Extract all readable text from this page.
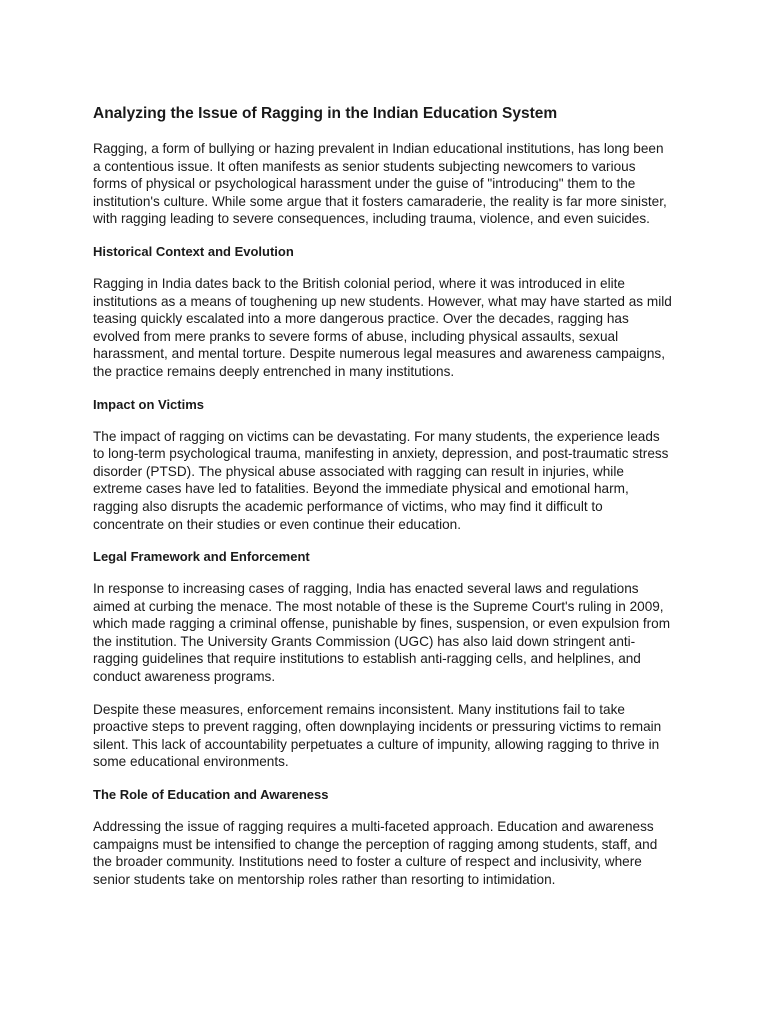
Analyzing the Issue of Ragging in the Indian Education System

Ragging, a form of bullying or hazing prevalent in Indian educational institutions, has long been a contentious issue. It often manifests as senior students subjecting newcomers to various forms of physical or psychological harassment under the guise of "introducing" them to the institution's culture. While some argue that it fosters camaraderie, the reality is far more sinister, with ragging leading to severe consequences, including trauma, violence, and even suicides.

Historical Context and Evolution

Ragging in India dates back to the British colonial period, where it was introduced in elite institutions as a means of toughening up new students. However, what may have started as mild teasing quickly escalated into a more dangerous practice. Over the decades, ragging has evolved from mere pranks to severe forms of abuse, including physical assaults, sexual harassment, and mental torture. Despite numerous legal measures and awareness campaigns, the practice remains deeply entrenched in many institutions.

Impact on Victims

The impact of ragging on victims can be devastating. For many students, the experience leads to long-term psychological trauma, manifesting in anxiety, depression, and post-traumatic stress disorder (PTSD). The physical abuse associated with ragging can result in injuries, while extreme cases have led to fatalities. Beyond the immediate physical and emotional harm, ragging also disrupts the academic performance of victims, who may find it difficult to concentrate on their studies or even continue their education.

Legal Framework and Enforcement

In response to increasing cases of ragging, India has enacted several laws and regulations aimed at curbing the menace. The most notable of these is the Supreme Court's ruling in 2009, which made ragging a criminal offense, punishable by fines, suspension, or even expulsion from the institution. The University Grants Commission (UGC) has also laid down stringent anti-ragging guidelines that require institutions to establish anti-ragging cells, and helplines, and conduct awareness programs.

Despite these measures, enforcement remains inconsistent. Many institutions fail to take proactive steps to prevent ragging, often downplaying incidents or pressuring victims to remain silent. This lack of accountability perpetuates a culture of impunity, allowing ragging to thrive in some educational environments.

The Role of Education and Awareness

Addressing the issue of ragging requires a multi-faceted approach. Education and awareness campaigns must be intensified to change the perception of ragging among students, staff, and the broader community. Institutions need to foster a culture of respect and inclusivity, where senior students take on mentorship roles rather than resorting to intimidation.
